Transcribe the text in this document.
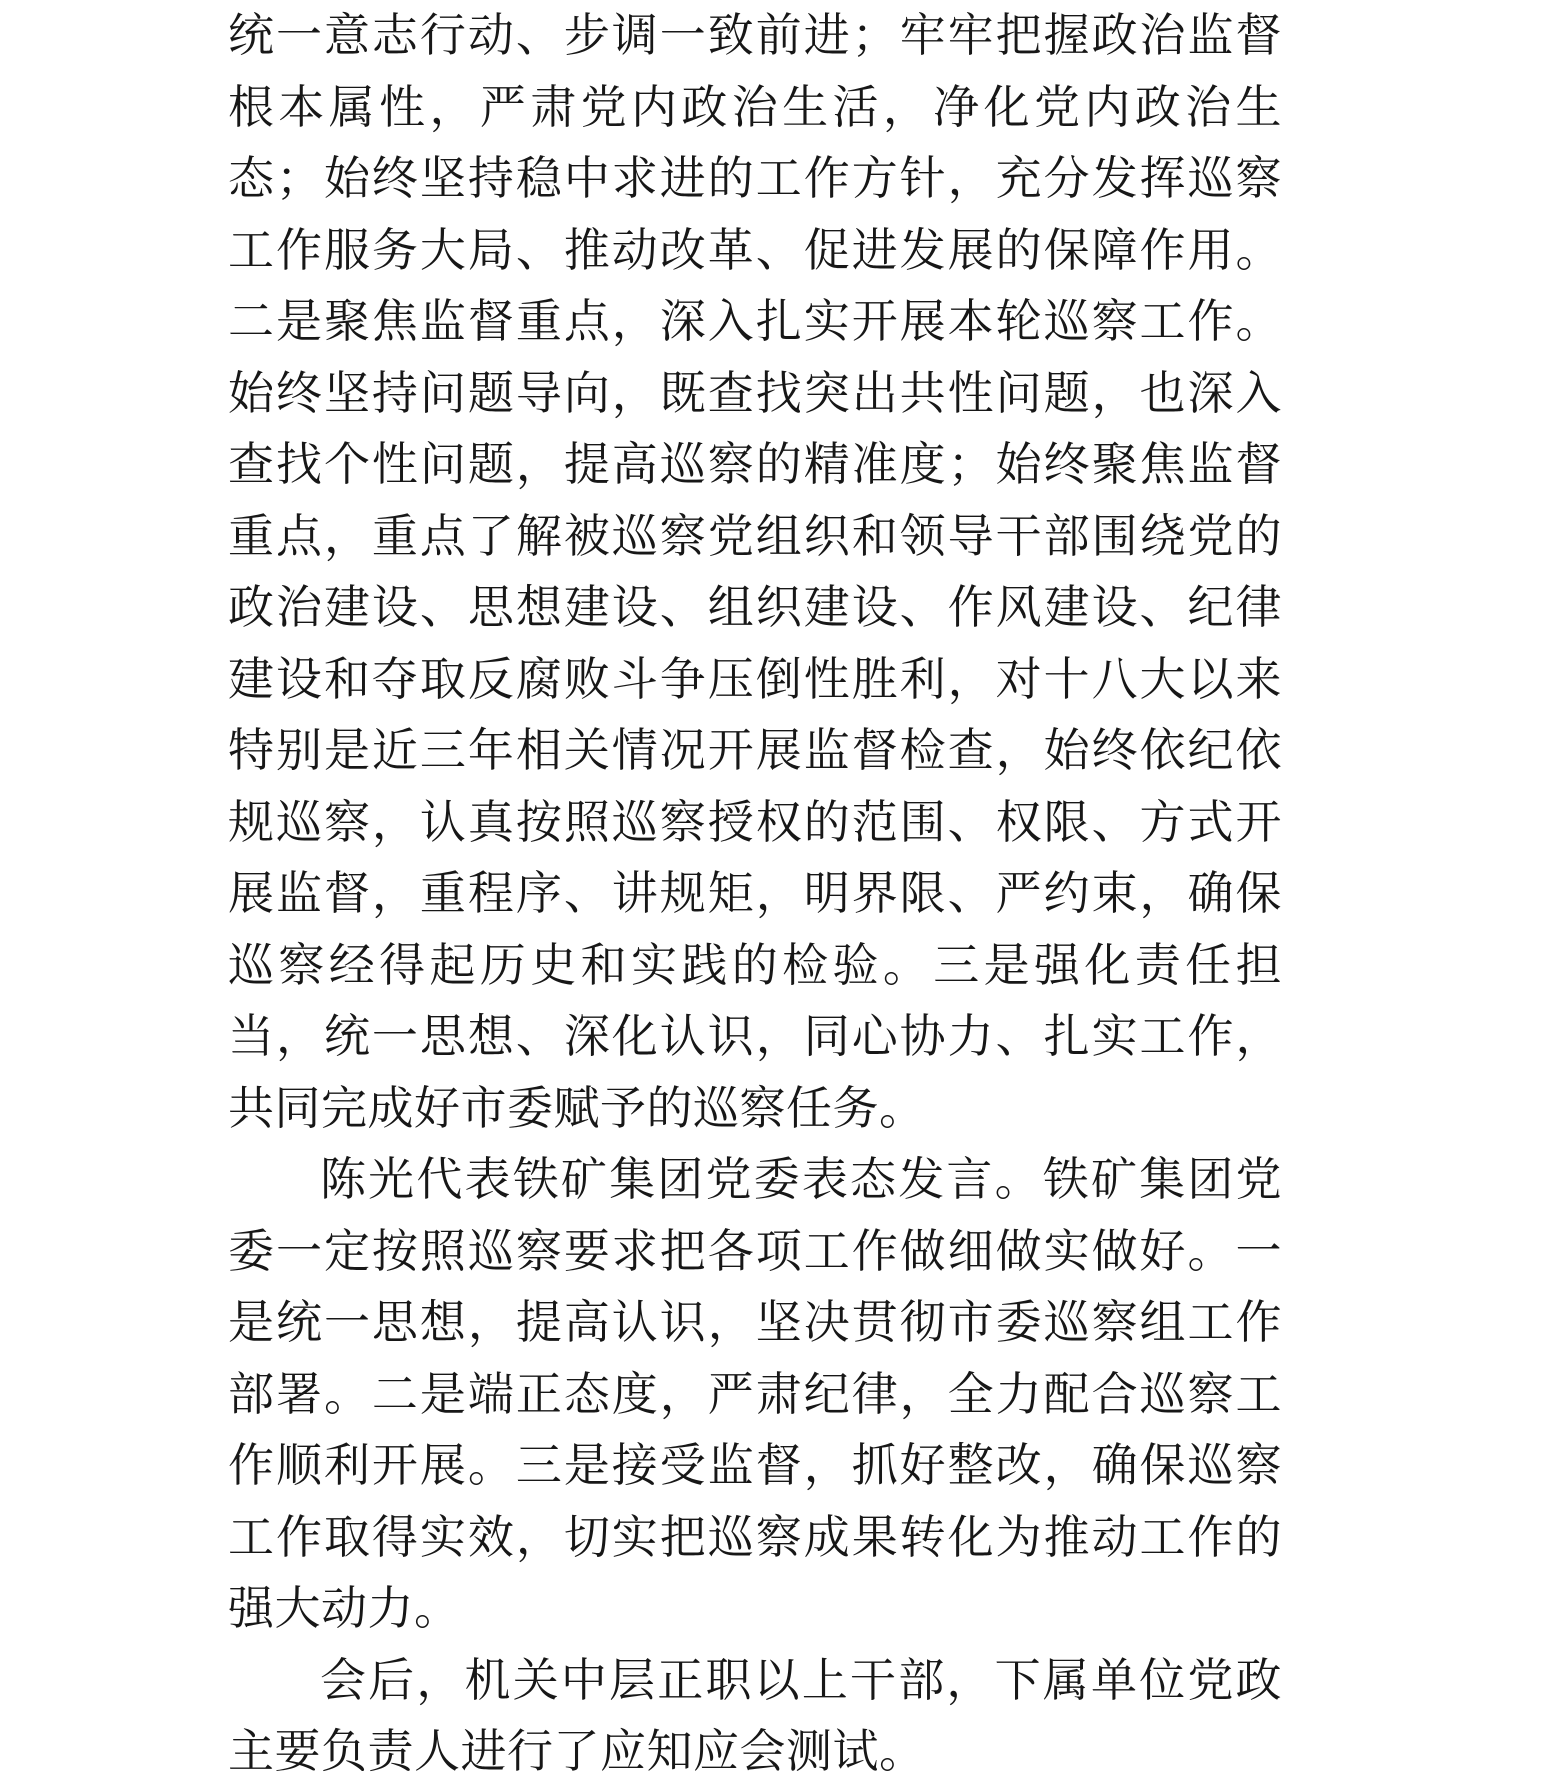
统一意志行动、步调一致前进；牢牢把握政治监督根本属性，严肃党内政治生活，净化党内政治生态；始终坚持稳中求进的工作方针，充分发挥巡察工作服务大局、推动改革、促进发展的保障作用。二是聚焦监督重点，深入扎实开展本轮巡察工作。始终坚持问题导向，既查找突出共性问题，也深入查找个性问题，提高巡察的精准度；始终聚焦监督重点，重点了解被巡察党组织和领导干部围绕党的政治建设、思想建设、组织建设、作风建设、纪律建设和夺取反腐败斗争压倒性胜利，对十八大以来特别是近三年相关情况开展监督检查，始终依纪依规巡察，认真按照巡察授权的范围、权限、方式开展监督，重程序、讲规矩，明界限、严约束，确保巡察经得起历史和实践的检验。三是强化责任担当，统一思想、深化认识，同心协力、扎实工作，共同完成好市委赋予的巡察任务。

陈光代表铁矿集团党委表态发言。铁矿集团党委一定按照巡察要求把各项工作做细做实做好。一是统一思想，提高认识，坚决贯彻市委巡察组工作部署。二是端正态度，严肃纪律，全力配合巡察工作顺利开展。三是接受监督，抓好整改，确保巡察工作取得实效，切实把巡察成果转化为推动工作的强大动力。

会后，机关中层正职以上干部，下属单位党政主要负责人进行了应知应会测试。
